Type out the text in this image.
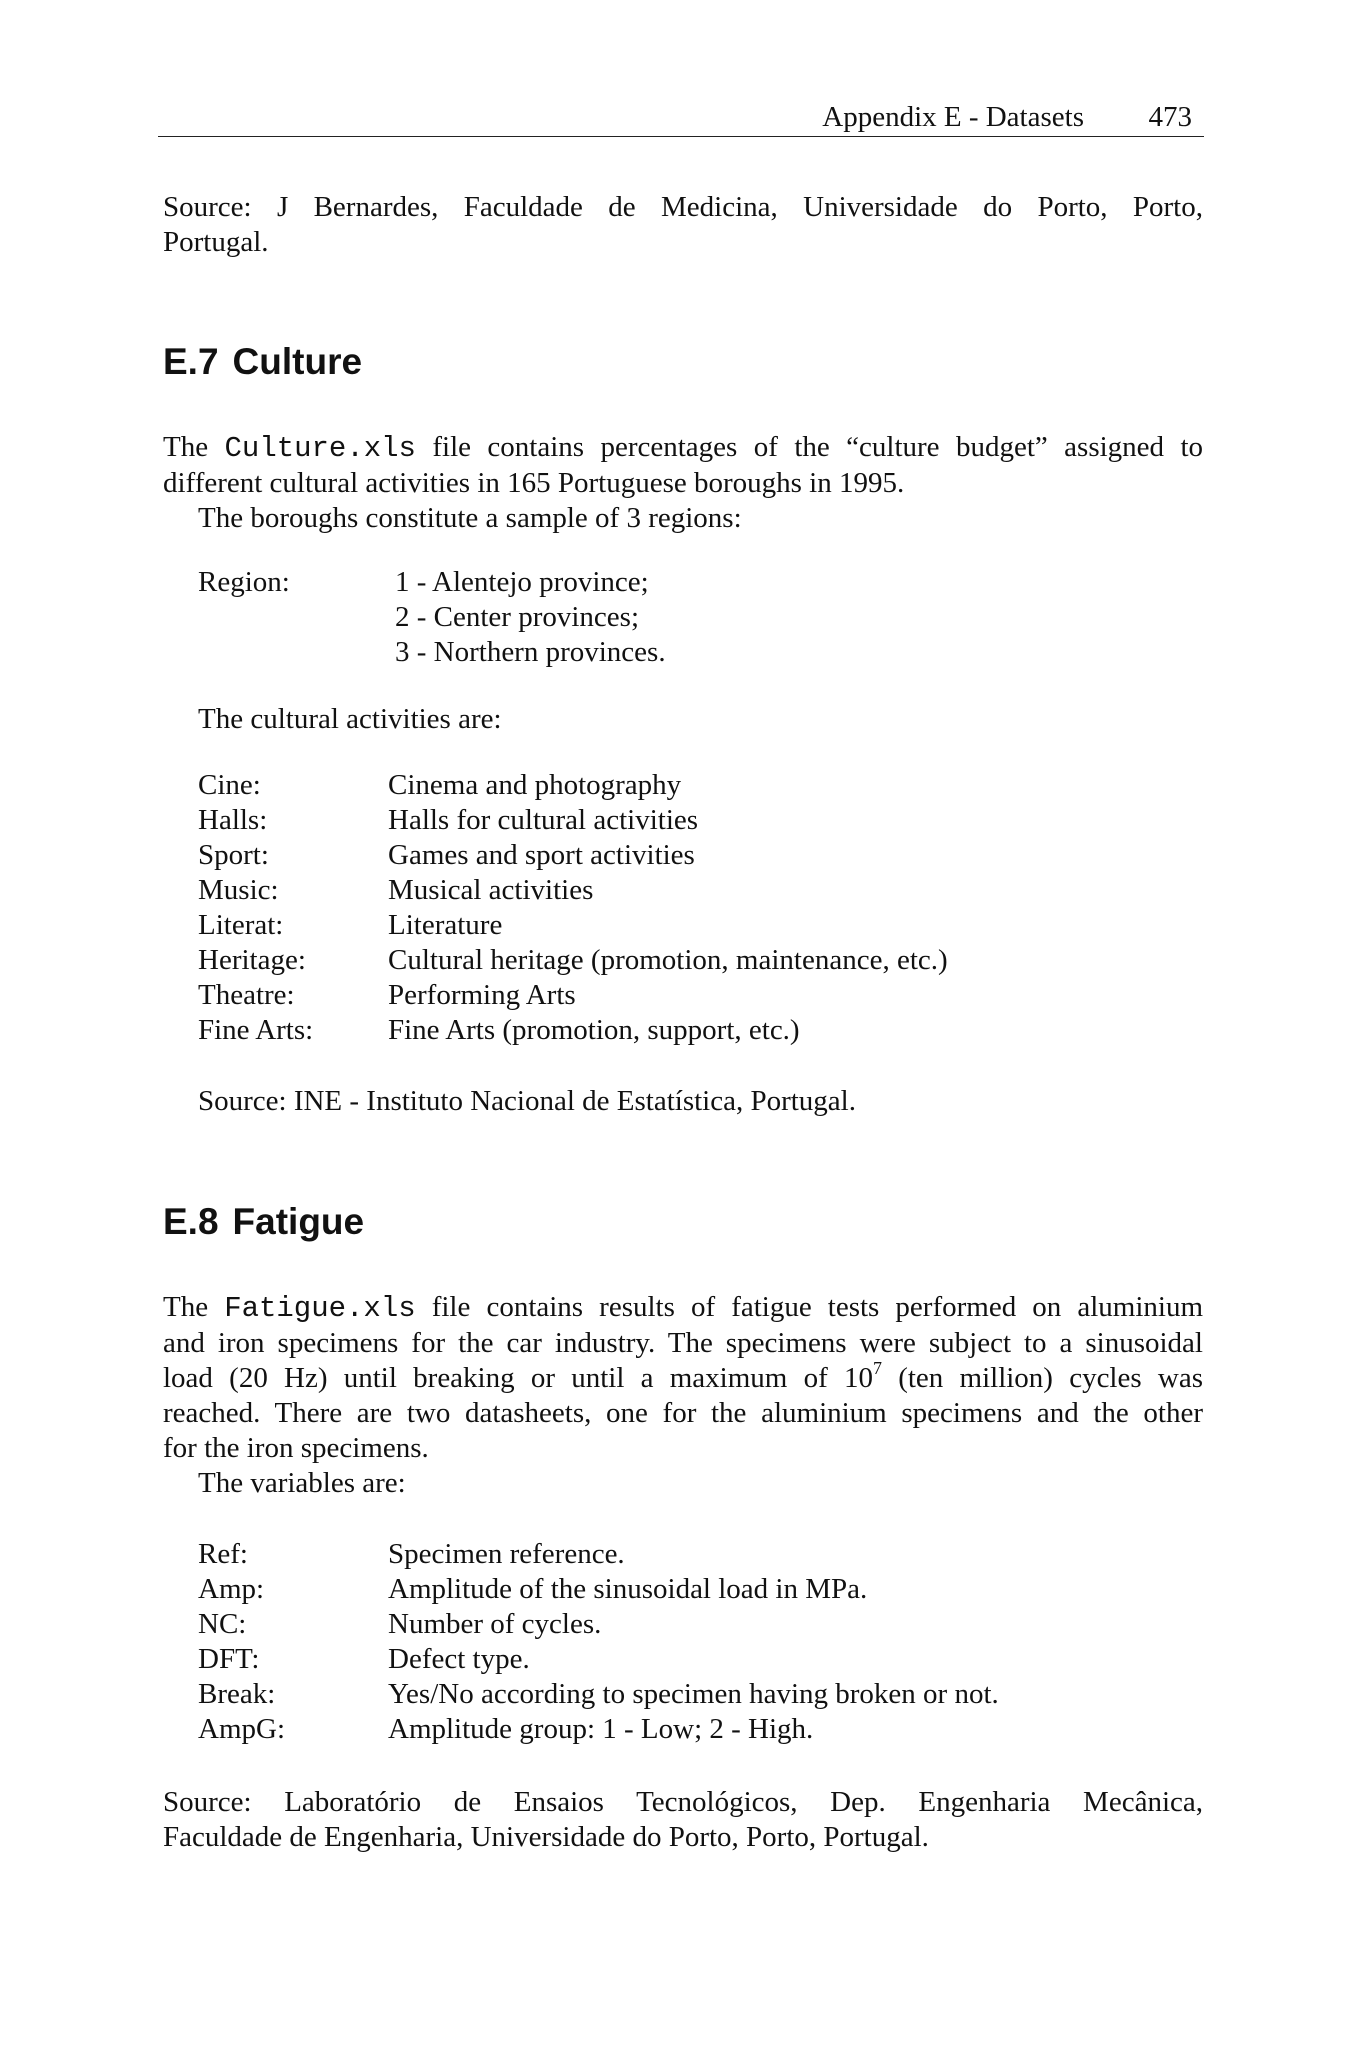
Appendix E - Datasets 473
Source: J Bernardes, Faculdade de Medicina, Universidade do Porto, Porto,
Portugal.
E.7 Culture
The Culture.xls file contains percentages of the “culture budget” assigned to
different cultural activities in 165 Portuguese boroughs in 1995.
The boroughs constitute a sample of 3 regions:
Region:	1 - Alentejo province;
2 - Center provinces;
3 - Northern provinces.
The cultural activities are:
Cine:	Cinema and photography
Halls:	Halls for cultural activities
Sport:	Games and sport activities
Music:	Musical activities
Literat:	Literature
Heritage:	Cultural heritage (promotion, maintenance, etc.)
Theatre:	Performing Arts
Fine Arts:	Fine Arts (promotion, support, etc.)
Source: INE - Instituto Nacional de Estatística, Portugal.
E.8 Fatigue
The Fatigue.xls file contains results of fatigue tests performed on aluminium
and iron specimens for the car industry. The specimens were subject to a sinusoidal
load (20 Hz) until breaking or until a maximum of $10^7$ (ten million) cycles was
reached. There are two datasheets, one for the aluminium specimens and the other
for the iron specimens.
The variables are:
Ref:	Specimen reference.
Amp:	Amplitude of the sinusoidal load in MPa.
NC:	Number of cycles.
DFT:	Defect type.
Break:	Yes/No according to specimen having broken or not.
AmpG:	Amplitude group: 1 - Low; 2 - High.
Source: Laboratório de Ensaios Tecnológicos, Dep. Engenharia Mecânica,
Faculdade de Engenharia, Universidade do Porto, Porto, Portugal.
